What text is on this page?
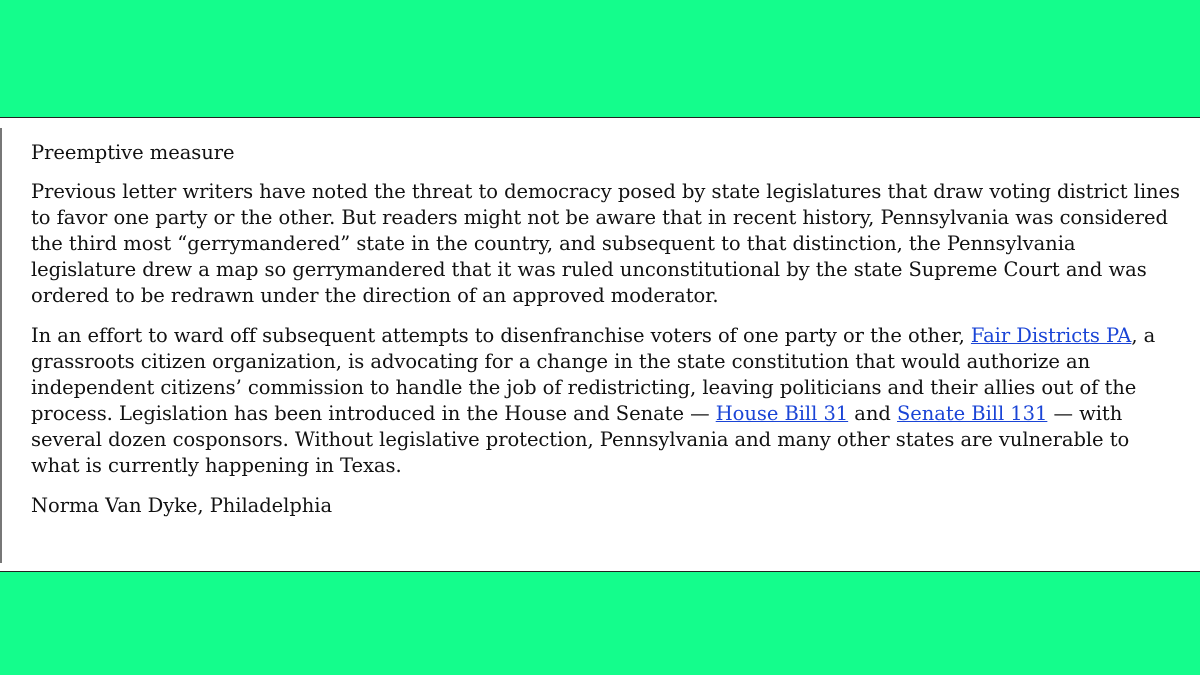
Preemptive measure

Previous letter writers have noted the threat to democracy posed by state legislatures that draw voting district lines to favor one party or the other. But readers might not be aware that in recent history, Pennsylvania was considered the third most “gerrymandered” state in the country, and subsequent to that distinction, the Pennsylvania legislature drew a map so gerrymandered that it was ruled unconstitutional by the state Supreme Court and was ordered to be redrawn under the direction of an approved moderator.

In an effort to ward off subsequent attempts to disenfranchise voters of one party or the other, Fair Districts PA, a grassroots citizen organization, is advocating for a change in the state constitution that would authorize an independent citizens’ commission to handle the job of redistricting, leaving politicians and their allies out of the process. Legislation has been introduced in the House and Senate — House Bill 31 and Senate Bill 131 — with several dozen cosponsors. Without legislative protection, Pennsylvania and many other states are vulnerable to what is currently happening in Texas.

Norma Van Dyke, Philadelphia
